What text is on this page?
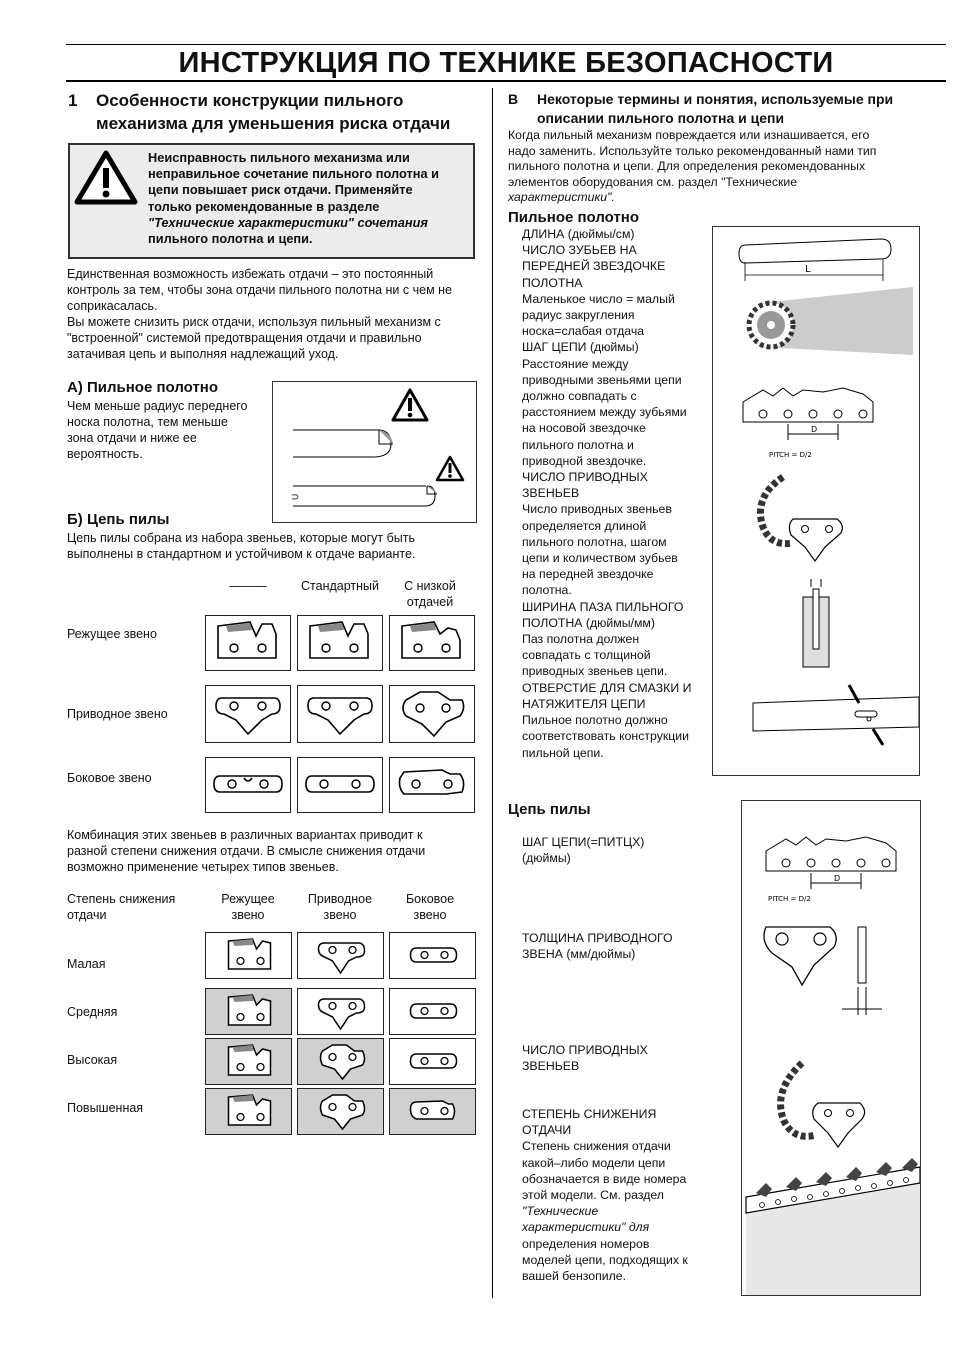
ИНСТРУКЦИЯ ПО ТЕХНИКЕ БЕЗОПАСНОСТИ
1 Особенности конструкции пильного
механизма для уменьшения риска отдачи
Неисправность пильного механизма или
неправильное сочетание пильного полотна и
цепи повышает риск отдачи. Применяйте
только рекомендованные в разделе
"Технические характеристики" сочетания
пильного полотна и цепи.
Единственная возможность избежать отдачи – это постоянный
контроль за тем, чтобы зона отдачи пильного полотна ни с чем не
соприкасалась.
Вы можете снизить риск отдачи, используя пильный механизм с
"встроенной" системой предотвращения отдачи и правильно
затачивая цепь и выполняя надлежащий уход.
А) Пильное полотно
Чем меньше радиус переднего
носка полотна, тем меньше
зона отдачи и ниже ее
вероятность.
⊃
Б) Цепь пилы
Цепь пилы собрана из набора звеньев, которые могут быть
выполнены в стандартном и устойчивом к отдаче варианте.
———	Стандартный	С низкой
отдачей
Режущее звено
Приводное звено
Боковое звено
Комбинация этих звеньев в различных вариантах приводит к
разной степени снижения отдачи. В смысле снижения отдачи
возможно применение четырех типов звеньев.
Степень снижения
отдачи
Режущее
звено
Приводное
звено
Боковое
звено
Малая
Средняя
Высокая
Повышенная
В Некоторые термины и понятия, используемые при
описании пильного полотна и цепи
Когда пильный механизм повреждается или изнашивается, его
надо заменить. Используйте только рекомендованный нами тип
пильного полотна и цепи. Для определения рекомендованных
элементов оборудования см. раздел "Технические
характеристики".
Пильное полотно
ДЛИНА (дюймы/см)
ЧИСЛО ЗУБЬЕВ НА
ПЕРЕДНЕЙ ЗВЕЗДОЧКЕ
ПОЛОТНА
Маленькое число = малый
радиус закругления
носка=слабая отдача
ШАГ ЦЕПИ (дюймы)
Расстояние между
приводными звеньями цепи
должно совпадать с
расстоянием между зубьями
на носовой звездочке
пильного полотна и
приводной звездочке.
ЧИСЛО ПРИВОДНЫХ
ЗВЕНЬЕВ
Число приводных звеньев
определяется длиной
пильного полотна, шагом
цепи и количеством зубьев
на передней звездочке
полотна.
ШИРИНА ПАЗА ПИЛЬНОГО
ПОЛОТНА (дюймы/мм)
Паз полотна должен
совпадать с толщиной
приводных звеньев цепи.
ОТВЕРСТИЕ ДЛЯ СМАЗКИ И
НАТЯЖИТЕЛЯ ЦЕПИ
Пильное полотно должно
соответствовать конструкции
пильной цепи.
L
D
PITCH = D/2
Цепь пилы
ШАГ ЦЕПИ(=ПИТЦХ)
(дюймы)
ТОЛЩИНА ПРИВОДНОГО
ЗВЕНА (мм/дюймы)
ЧИСЛО ПРИВОДНЫХ
ЗВЕНЬЕВ
СТЕПЕНЬ СНИЖЕНИЯ
ОТДАЧИ
Степень снижения отдачи
какой–либо модели цепи
обозначается в виде номера
этой модели. См. раздел
"Технические
характеристики" для
определения номеров
моделей цепи, подходящих к
вашей бензопиле.
D
PITCH = D/2
